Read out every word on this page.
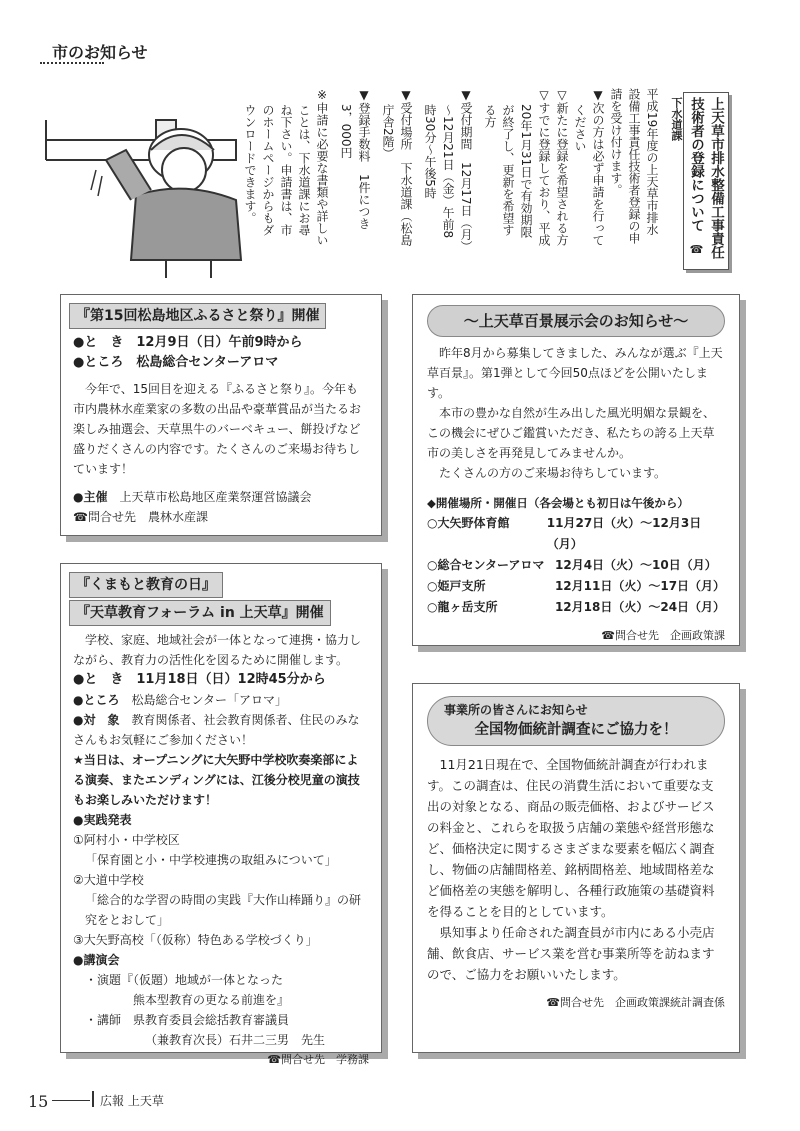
市のお知らせ
上天草市排水整備工事責任技術者の登録について ☎下水道課
平成19年度の上天草市排水
設備工事責任技術者登録の申
請を受け付けます。
▼次の方は必ず申請を行って
ください
▽新たに登録を希望される方
▽すでに登録しており、平成
20年1月31日で有効期限
が終了し、更新を希望す
る方
▼受付期間　12月17日（月）
～12月21日（金）午前8
時30分～午後5時
▼受付場所　下水道課（松島
庁舎2階）
▼登録手数料　1件につき
3，000円
※申請に必要な書類や詳しい
ことは、下水道課にお尋
ね下さい。申請書は、市
のホームページからもダ
ウンロードできます。
『第15回松島地区ふるさと祭り』開催

●と　き　 12月9日（日）午前9時から

●ところ　 松島総合センターアロマ

今年で、15回目を迎える『ふるさと祭り』。今年も市内農林水産業家の多数の出品や豪華賞品が当たるお楽しみ抽選会、天草黒牛のバーベキュー、餅投げなど盛りだくさんの内容です。たくさんのご来場お待ちしています！

●主催　 上天草市松島地区産業祭運営協議会

☎問合せ先　農林水産課

『くまもと教育の日』
『天草教育フォーラム in 上天草』開催

学校、家庭、地域社会が一体となって連携・協力しながら、教育力の活性化を図るために開催します。

●と　き　 11月18日（日）12時45分から

●ところ　 松島総合センター「アロマ」

●対　象　 教育関係者、社会教育関係者、住民のみなさんもお気軽にご参加ください！

★当日は、オープニングに大矢野中学校吹奏楽部による演奏、またエンディングには、江後分校児童の演技もお楽しみいただけます！

●実践発表

①阿村小・中学校区

「保育園と小・中学校連携の取組みについて」

②大道中学校

「総合的な学習の時間の実践『大作山棒踊り』の研究をとおして」

③大矢野高校「（仮称）特色ある学校づくり」

●講演会

・演題『（仮題）地域が一体となった

熊本型教育の更なる前進を』

・講師　県教育委員会総括教育審議員

（兼教育次長）石井二三男　先生

☎問合せ先　学務課

～上天草百景展示会のお知らせ～

昨年8月から募集してきました、みんなが選ぶ『上天草百景』。第1弾として今回50点ほどを公開いたします。

本市の豊かな自然が生み出した風光明媚な景観を、この機会にぜひご鑑賞いただき、私たちの誇る上天草市の美しさを再発見してみませんか。

たくさんの方のご来場お待ちしています。

◆開催場所・開催日（各会場とも初日は午後から）

○大矢野体育館	11月27日（火）～12月3日（月）
○総合センターアロマ 12月4日（火）～10日（月）
○姫戸支所	12月11日（火）～17日（月）
○龍ヶ岳支所	12月18日（火）～24日（月）

☎問合せ先　企画政策課

事業所の皆さんにお知らせ
全国物価統計調査にご協力を！

11月21日現在で、全国物価統計調査が行われます。この調査は、住民の消費生活において重要な支出の対象となる、商品の販売価格、およびサービスの料金と、これらを取扱う店舗の業態や経営形態など、価格決定に関するさまざまな要素を幅広く調査し、物価の店舗間格差、銘柄間格差、地域間格差など価格差の実態を解明し、各種行政施策の基礎資料を得ることを目的としています。

県知事より任命された調査員が市内にある小売店舗、飲食店、サービス業を営む事業所等を訪ねますので、ご協力をお願いいたします。

☎問合せ先　企画政策課統計調査係

15	広報 上天草
